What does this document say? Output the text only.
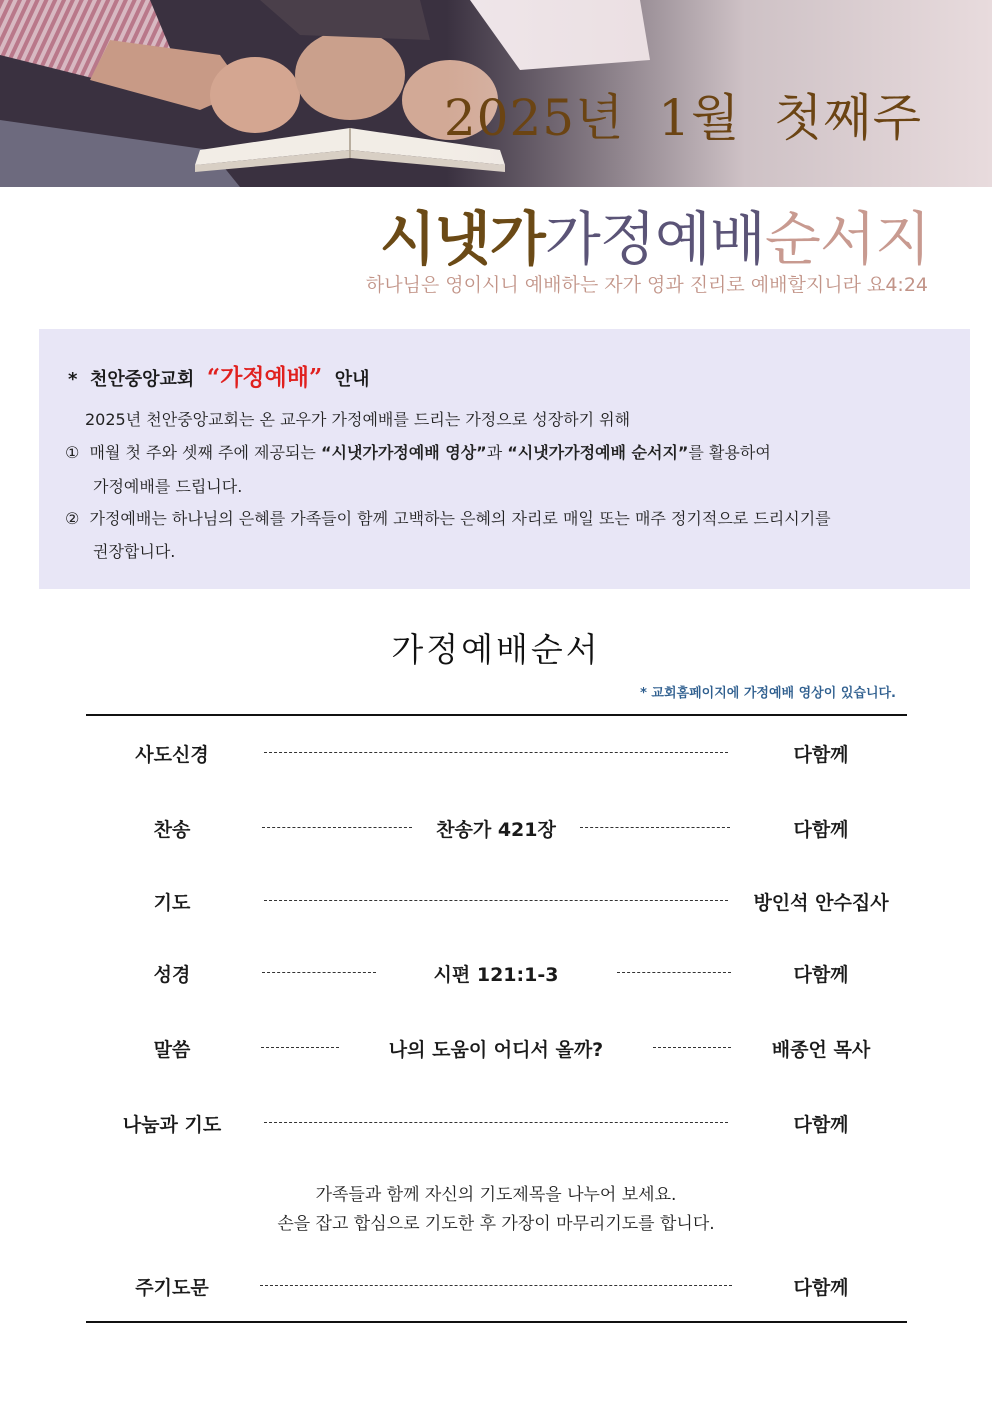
2025년  1월  첫째주
시냇가가정예배순서지
하나님은 영이시니 예배하는 자가 영과 진리로 예배할지니라 요4:24
* 천안중앙교회 “가정예배” 안내
2025년 천안중앙교회는 온 교우가 가정예배를 드리는 가정으로 성장하기 위해
① 매월 첫 주와 셋째 주에 제공되는 “시냇가가정예배 영상”과 “시냇가가정예배 순서지”를 활용하여
가정예배를 드립니다.
② 가정예배는 하나님의 은혜를 가족들이 함께 고백하는 은혜의 자리로 매일 또는 매주 정기적으로 드리시기를
권장합니다.
가정예배순서
* 교회홈페이지에 가정예배 영상이 있습니다.
사도신경	다함께
찬송	찬송가 421장	다함께
기도	방인석 안수집사
성경	시편 121:1-3	다함께
말씀	나의 도움이 어디서 올까?	배종언 목사
나눔과 기도	다함께
가족들과 함께 자신의 기도제목을 나누어 보세요.
손을 잡고 합심으로 기도한 후 가장이 마무리기도를 합니다.
주기도문	다함께
